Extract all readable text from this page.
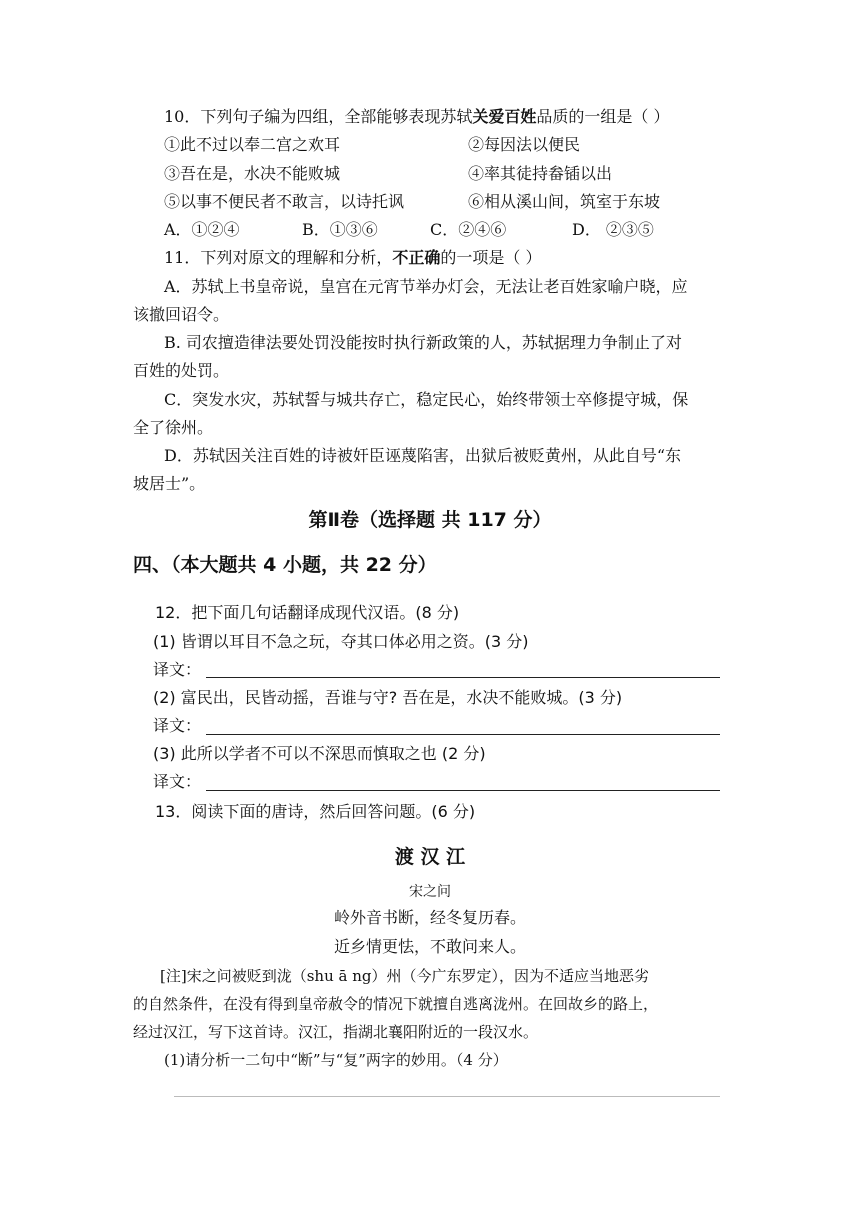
10．下列句子编为四组，全部能够表现苏轼关爱百姓品质的一组是（ ）
①此不过以奉二宫之欢耳	②每因法以便民
③吾在是，水决不能败城	④率其徒持畚锸以出
⑤以事不便民者不敢言，以诗托讽	⑥相从溪山间，筑室于东坡
A．①②④	B．①③⑥	C．②④⑥	D． ②③⑤
11．下列对原文的理解和分析，不正确的一项是（ ）
A．苏轼上书皇帝说，皇宫在元宵节举办灯会，无法让老百姓家喻户晓，应
该撤回诏令。
B. 司农擅造律法要处罚没能按时执行新政策的人，苏轼据理力争制止了对
百姓的处罚。
C．突发水灾，苏轼誓与城共存亡，稳定民心，始终带领士卒修提守城，保
全了徐州。
D．苏轼因关注百姓的诗被奸臣诬蔑陷害，出狱后被贬黄州，从此自号“东
坡居士”。
第Ⅱ卷（选择题 共 117 分）
四、（本大题共 4 小题，共 22 分）
12．把下面几句话翻译成现代汉语。(8 分)
(1) 皆谓以耳目不急之玩，夺其口体必用之资。(3 分)
译文：
(2) 富民出，民皆动摇，吾谁与守? 吾在是，水决不能败城。(3 分)
译文：
(3) 此所以学者不可以不深思而慎取之也 (2 分)
译文：
13．阅读下面的唐诗，然后回答问题。(6 分)
渡 汉 江
宋之问
岭外音书断，经冬复历春。
近乡情更怯，不敢问来人。
[注]宋之问被贬到泷（shu ā ng）州（今广东罗定），因为不适应当地恶劣
的自然条件，在没有得到皇帝赦令的情况下就擅自逃离泷州。在回故乡的路上，
经过汉江，写下这首诗。汉江，指湖北襄阳附近的一段汉水。
(1)请分析一二句中“断”与“复”两字的妙用。（4 分）
